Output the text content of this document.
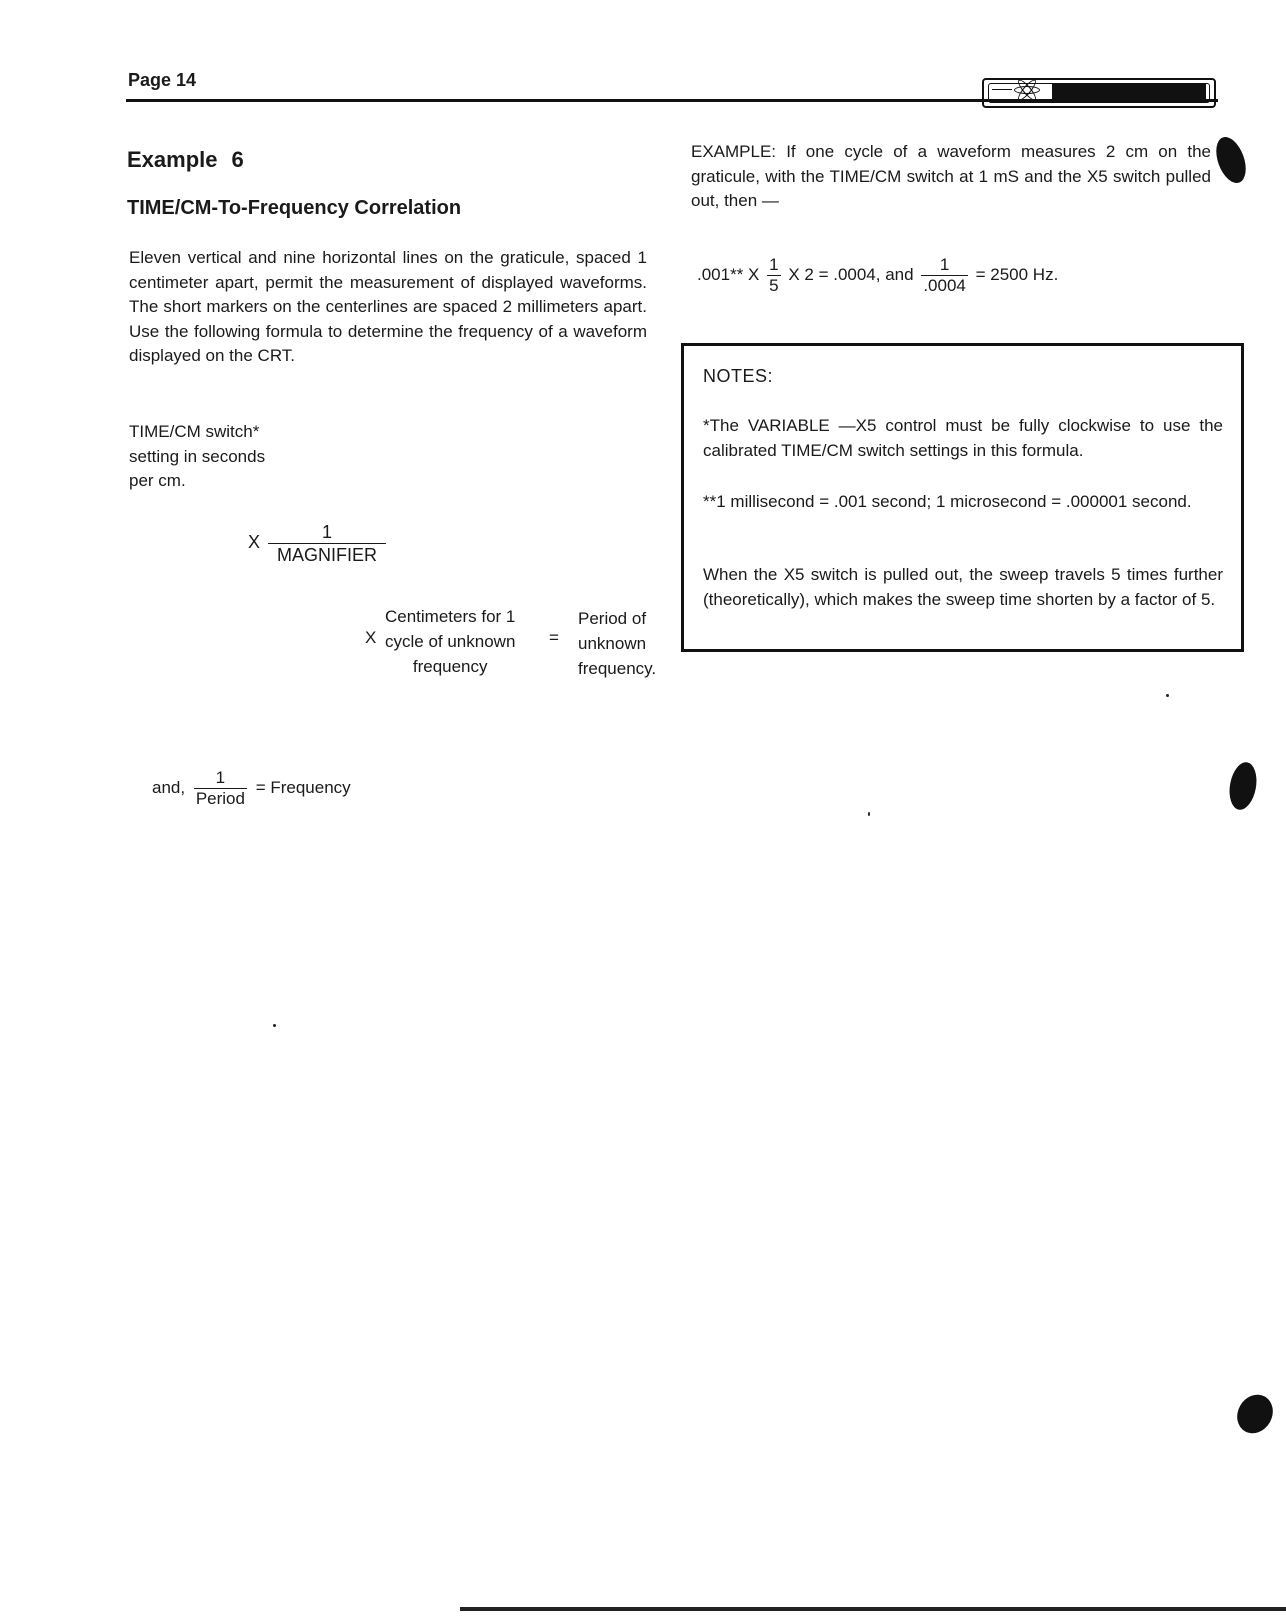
Page 14
Example 6
TIME/CM-To-Frequency Correlation
Eleven vertical and nine horizontal lines on the graticule, spaced 1 centimeter apart, permit the measurement of displayed waveforms. The short markers on the centerlines are spaced 2 millimeters apart. Use the following formula to determine the frequency of a waveform displayed on the CRT.
TIME/CM switch*
setting in seconds
per cm.
X	1
MAGNIFIER
X
Centimeters for 1
cycle of unknown
frequency
=
Period of
unknown
frequency.
and, $\frac{1}{\text{Period}}$ = Frequency
EXAMPLE: If one cycle of a waveform measures 2 cm on the graticule, with the TIME/CM switch at 1 mS and the X5 switch pulled out, then —
.001** X $\frac{1}{5}$ X 2 = .0004, and $\frac{1}{.0004} = 2500$ Hz.
NOTES:
*The VARIABLE —X5 control must be fully clockwise to use the calibrated TIME/CM switch settings in this formula.
**1 millisecond = .001 second; 1 microsecond = .000001 second.
When the X5 switch is pulled out, the sweep travels 5 times further (theoretically), which makes the sweep time shorten by a factor of 5.
